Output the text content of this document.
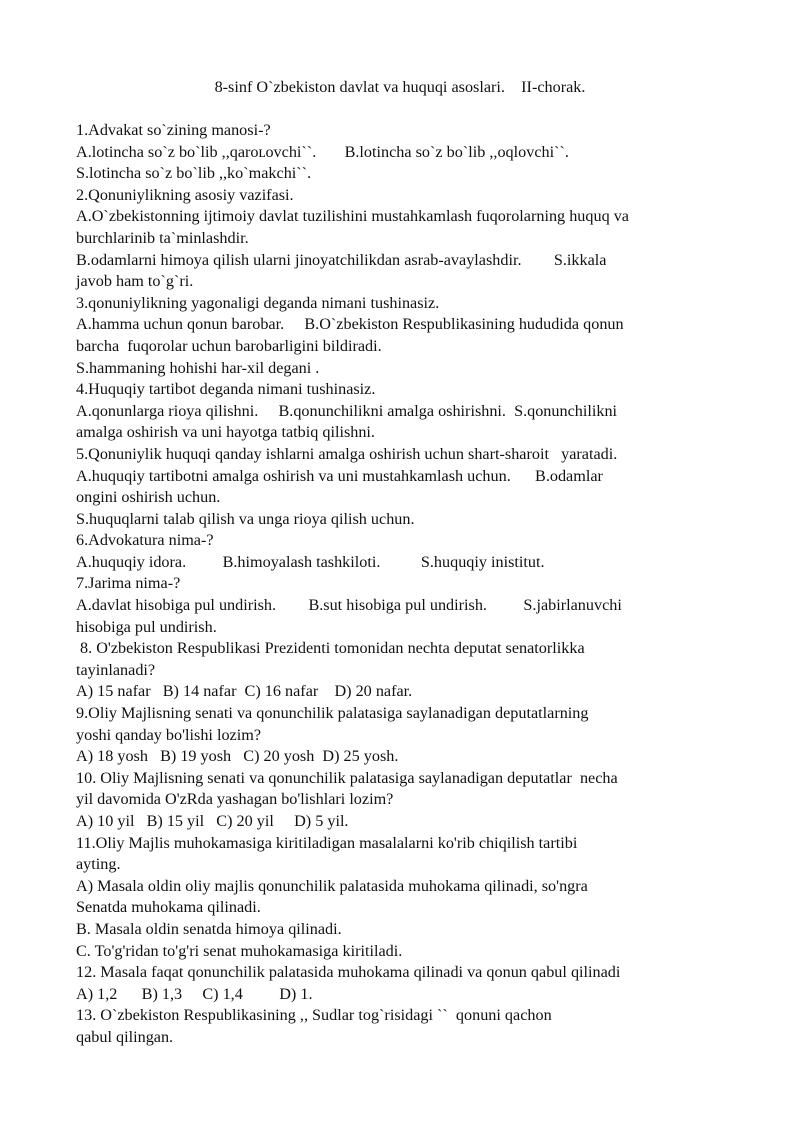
8-sinf O`zbekiston davlat va huquqi asoslari.    II-chorak.
1.Advakat so`zining manosi-?
A.lotincha so`z bo`lib ,,qaroʟovchi``.       B.lotincha so`z bo`lib ,,oqlovchi``.
S.lotincha so`z bo`lib ,,ko`makchi``.
2.Qonuniylikning asosiy vazifasi.
A.O`zbekistonning ijtimoiy davlat tuzilishini mustahkamlash fuqorolarning huquq va
burchlarinib ta`minlashdir.
B.odamlarni himoya qilish ularni jinoyatchilikdan asrab-avaylashdir.        S.ikkala
javob ham to`g`ri.
3.qonuniylikning yagonaligi deganda nimani tushinasiz.
A.hamma uchun qonun barobar.     B.O`zbekiston Respublikasining hududida qonun
barcha  fuqorolar uchun barobarligini bildiradi.
S.hammaning hohishi har-xil degani .
4.Huquqiy tartibot deganda nimani tushinasiz.
A.qonunlarga rioya qilishni.     B.qonunchilikni amalga oshirishni.  S.qonunchilikni
amalga oshirish va uni hayotga tatbiq qilishni.
5.Qonuniylik huquqi qanday ishlarni amalga oshirish uchun shart-sharoit   yaratadi.
A.huquqiy tartibotni amalga oshirish va uni mustahkamlash uchun.      B.odamlar
ongini oshirish uchun.
S.huquqlarni talab qilish va unga rioya qilish uchun.
6.Advokatura nima-?
A.huquqiy idora.         B.himoyalash tashkiloti.          S.huquqiy inistitut.
7.Jarima nima-?
A.davlat hisobiga pul undirish.        B.sut hisobiga pul undirish.         S.jabirlanuvchi
hisobiga pul undirish.
8. O'zbekiston Respublikasi Prezidenti tomonidan nechta deputat senatorlikka
tayinlanadi?
A) 15 nafar   B) 14 nafar  C) 16 nafar    D) 20 nafar.
9.Oliy Majlisning senati va qonunchilik palatasiga saylanadigan deputatlarning
yoshi qanday bo'lishi lozim?
A) 18 yosh   B) 19 yosh   C) 20 yosh  D) 25 yosh.
10. Oliy Majlisning senati va qonunchilik palatasiga saylanadigan deputatlar  necha
yil davomida O'zRda yashagan bo'lishlari lozim?
A) 10 yil   B) 15 yil   C) 20 yil     D) 5 yil.
11.Oliy Majlis muhokamasiga kiritiladigan masalalarni ko'rib chiqilish tartibi
ayting.
A) Masala oldin oliy majlis qonunchilik palatasida muhokama qilinadi, so'ngra
Senatda muhokama qilinadi.
B. Masala oldin senatda himoya qilinadi.
C. To'g'ridan to'g'ri senat muhokamasiga kiritiladi.
12. Masala faqat qonunchilik palatasida muhokama qilinadi va qonun qabul qilinadi
A) 1,2      B) 1,3     C) 1,4         D) 1.
13. O`zbekiston Respublikasining ,, Sudlar tog`risidagi ``  qonuni qachon
qabul qilingan.
